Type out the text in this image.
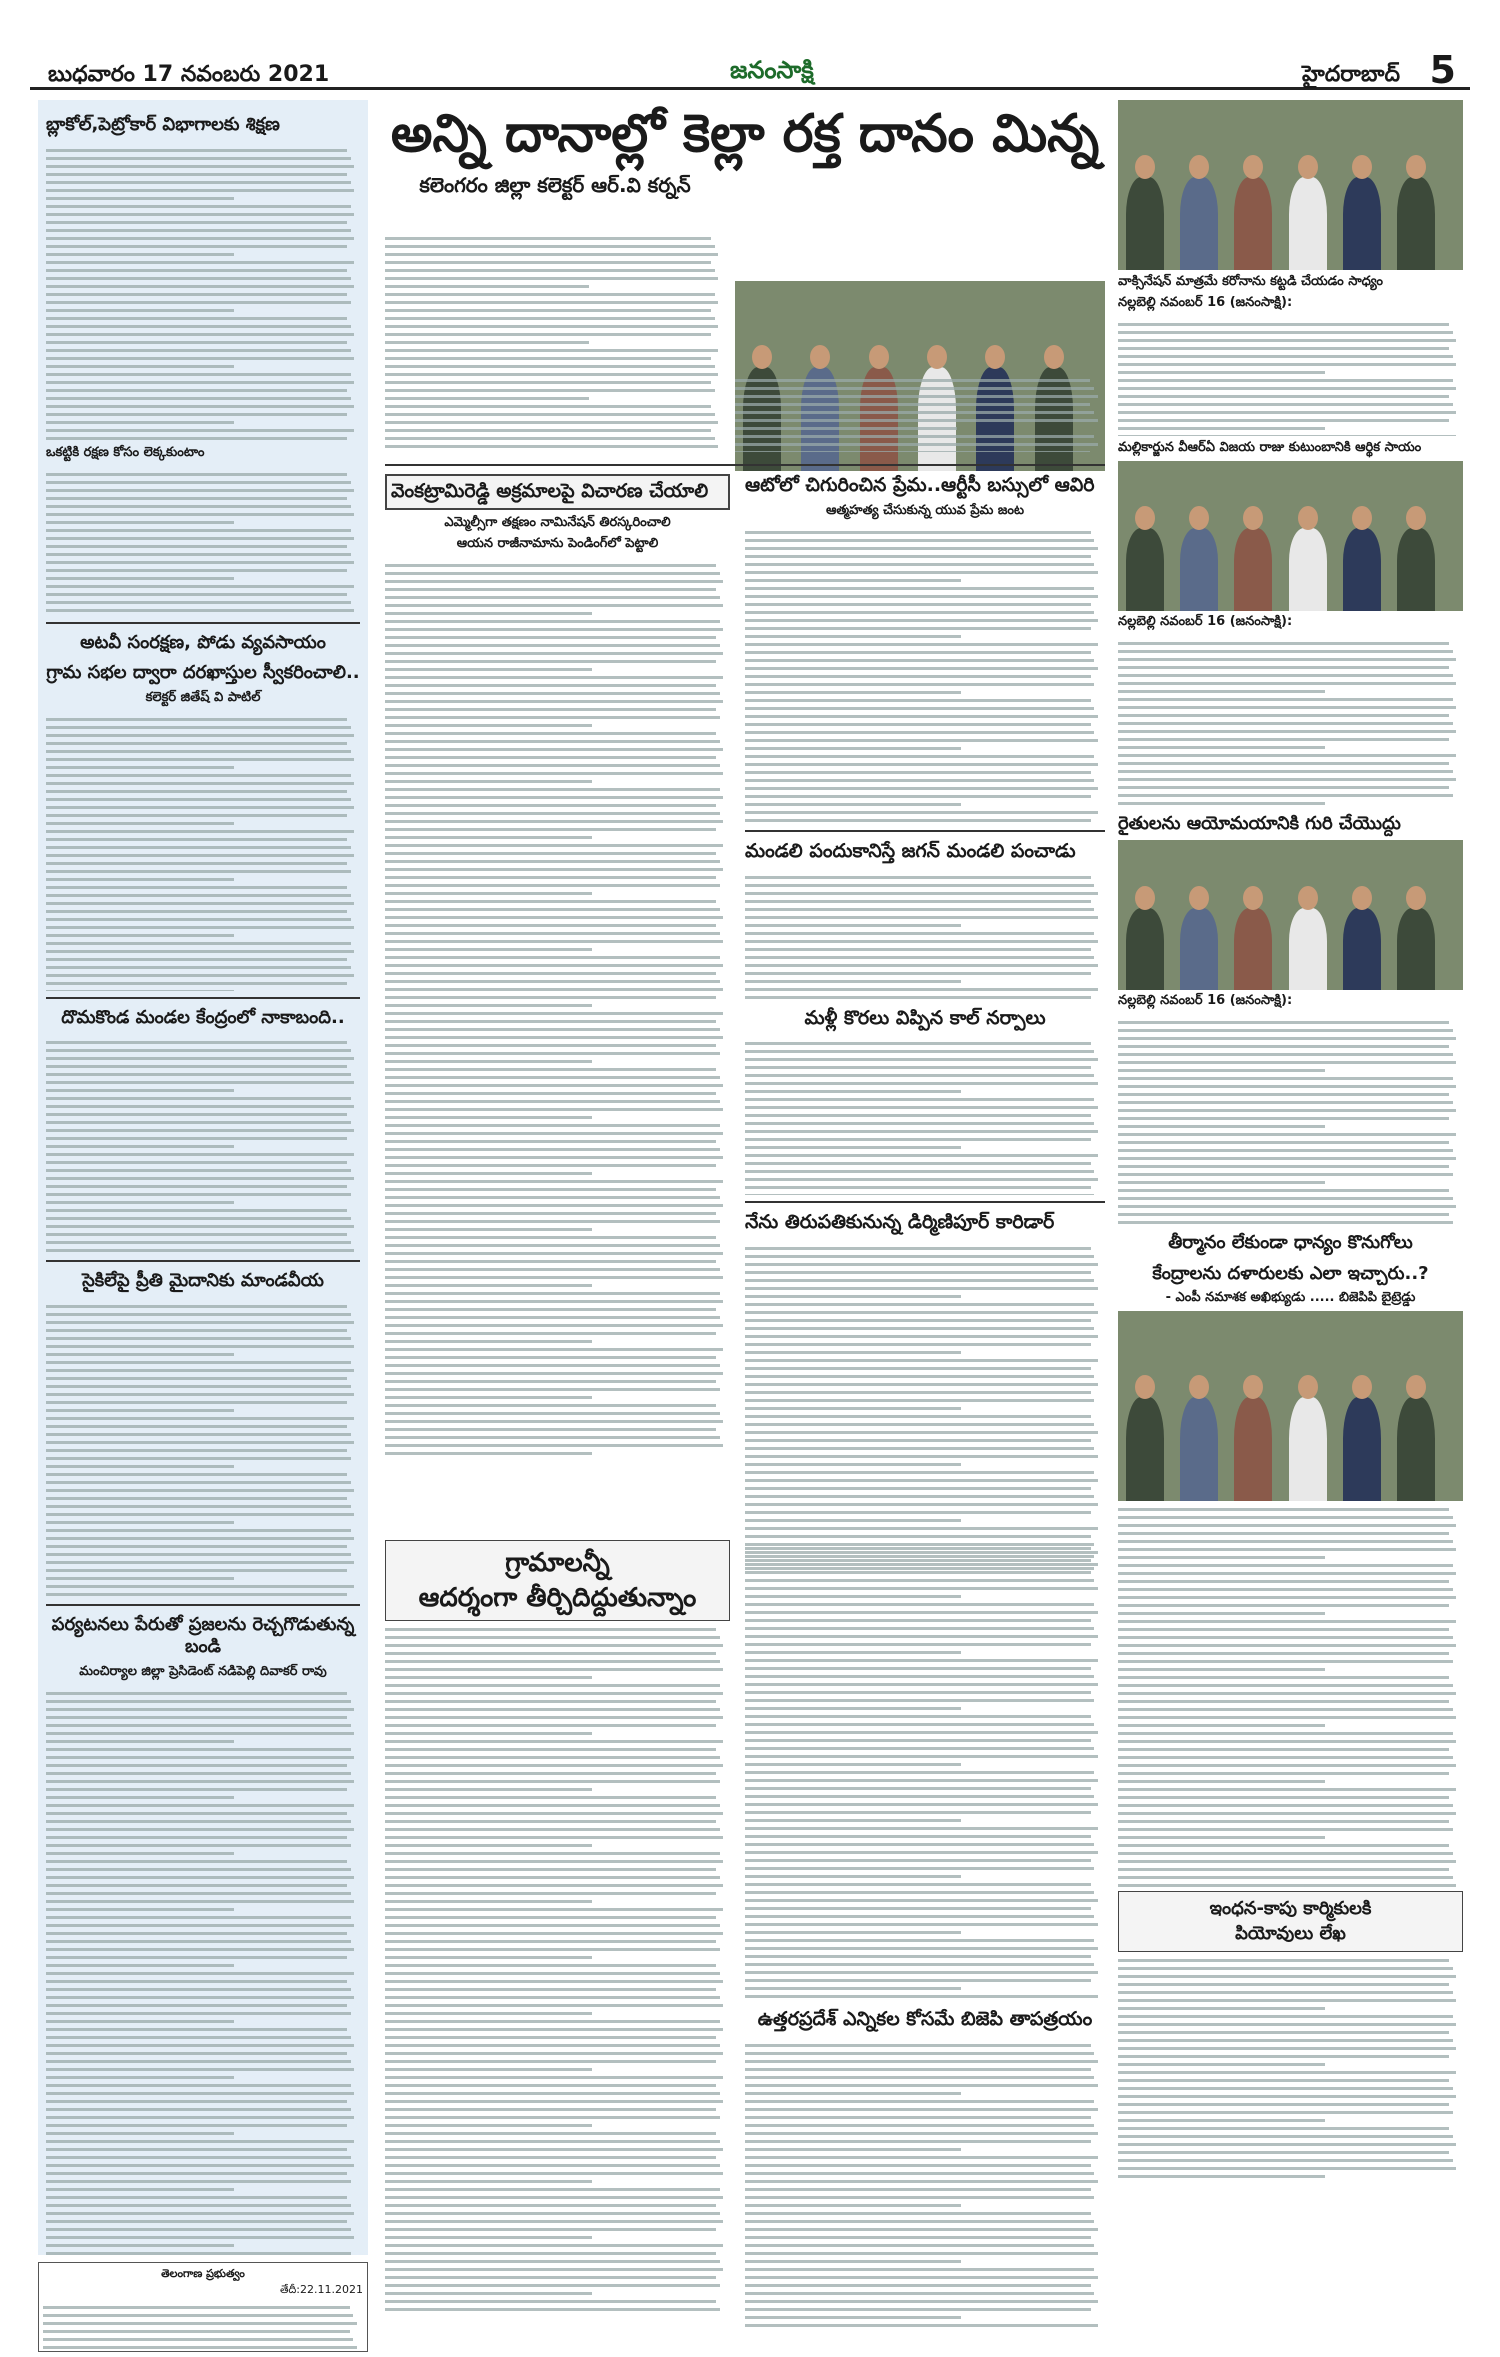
బుధవారం 17 నవంబరు 2021	జనంసాక్షి	హైదరాబాద్ 5
బ్లాకోల్,పెట్రోకార్ విభాగాలకు శిక్షణ
ఒకట్టికి రక్షణ కోసం లెక్కకుంటాం
అటవీ సంరక్షణ, పోడు వ్యవసాయం
గ్రామ సభల ద్వారా దరఖాస్తుల స్వీకరించాలి..
కలెక్టర్ జితేష్ వి పాటిల్
దొమకొండ మండల కేంద్రంలో నాకాబంది..
సైకిలేపై ప్రీతి మైదానికు మాండవీయ
పర్యటనలు పేరుతో ప్రజలను రెచ్చగొడుతున్న బండి
మంచిర్యాల జిల్లా ప్రెసిడెంట్ నడిపెల్లి దివాకర్ రావు
తెలంగాణ ప్రభుత్వం
తేదీ:22.11.2021
అన్ని దానాల్లో కెల్లా రక్త దానం మిన్న
కలెంగరం జిల్లా కలెక్టర్ ఆర్.వి కర్నన్
వెంకట్రామిరెడ్డి అక్రమాలపై విచారణ చేయాలి
ఎమ్మెల్సీగా తక్షణం నామినేషన్ తిరస్కరించాలి
ఆయన రాజీనామాను పెండింగ్‌లో పెట్టాలి
ఆటోలో చిగురించిన ప్రేమ..ఆర్టీసీ బస్సులో ఆవిరి
ఆత్మహత్య చేసుకున్న యువ ప్రేమ జంట
మండలి పందుకానిస్తే జగన్ మండలి పంచాడు
మళ్లీ కొరలు విప్పిన కాల్ నర్పాలు
నేను తిరుపతికునున్న డిర్మిణిపూర్ కారిడార్
గ్రామాలన్నీ
ఆదర్శంగా తీర్చిదిద్దుతున్నాం
ఉత్తరప్రదేశ్ ఎన్నికల కోసమే బిజెపి తాపత్రయం
వాక్సినేషన్ మాత్రమే కరోనాను కట్టడి చేయడం సాధ్యం
నల్లబెల్లి నవంబర్ 16 (జనంసాక్షి):
మల్లికార్జున వీఆర్‌ఏ విజయ రాజు కుటుంబానికి ఆర్థిక సాయం
నల్లబెల్లి నవంబర్ 16 (జనంసాక్షి):
రైతులను ఆయోమయానికి గురి చేయొద్దు
నల్లబెల్లి నవంబర్ 16 (జనంసాక్షి):
తీర్మానం లేకుండా ధాన్యం కొనుగోలు
కేంద్రాలను దళారులకు ఎలా ఇచ్చారు..?
- ఎంపీ నమాశక అఖిభ్యుడు ..... బిజెపిపి బైట్రెడ్డు
ఇంధన-కాపు కార్మికులకి
పియోవులు లేఖ
